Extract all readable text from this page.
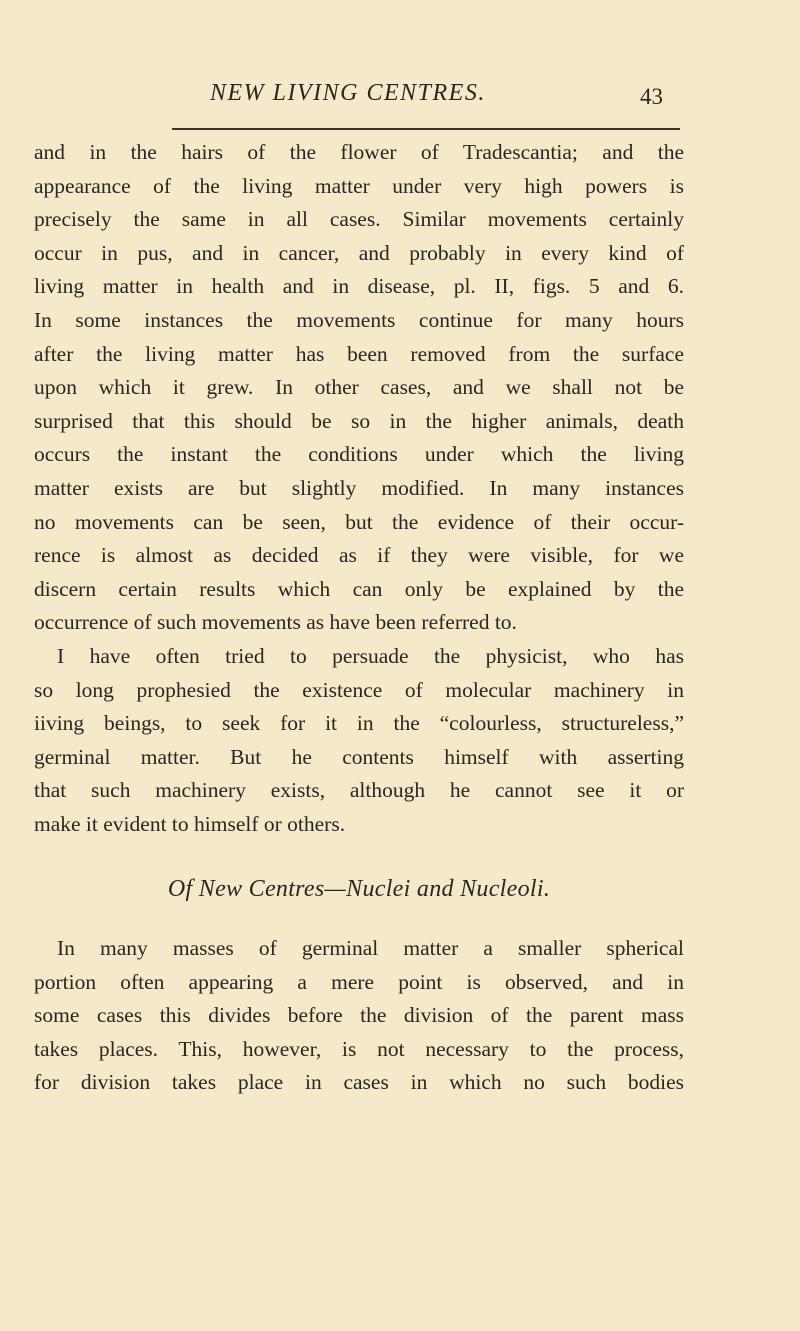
NEW LIVING CENTRES.	43
and in the hairs of the flower of Tradescantia; and the
appearance of the living matter under very high powers is
precisely the same in all cases. Similar movements certainly
occur in pus, and in cancer, and probably in every kind of
living matter in health and in disease, pl. II, figs. 5 and 6.
In some instances the movements continue for many hours
after the living matter has been removed from the surface
upon which it grew. In other cases, and we shall not be
surprised that this should be so in the higher animals, death
occurs the instant the conditions under which the living
matter exists are but slightly modified. In many instances
no movements can be seen, but the evidence of their occur-
rence is almost as decided as if they were visible, for we
discern certain results which can only be explained by the
occurrence of such movements as have been referred to.
I have often tried to persuade the physicist, who has
so long prophesied the existence of molecular machinery in
іiving beings, to seek for it in the “colourless, structureless,”
germinal matter. But he contents himself with asserting
that such machinery exists, although he cannot see it or
make it evident to himself or others.
Of New Centres—Nuclei and Nucleoli.
In many masses of germinal matter a smaller spherical
portion often appearing a mere point is observed, and in
some cases this divides before the division of the parent mass
takes places. This, however, is not necessary to the process,
for division takes place in cases in which no such bodies
